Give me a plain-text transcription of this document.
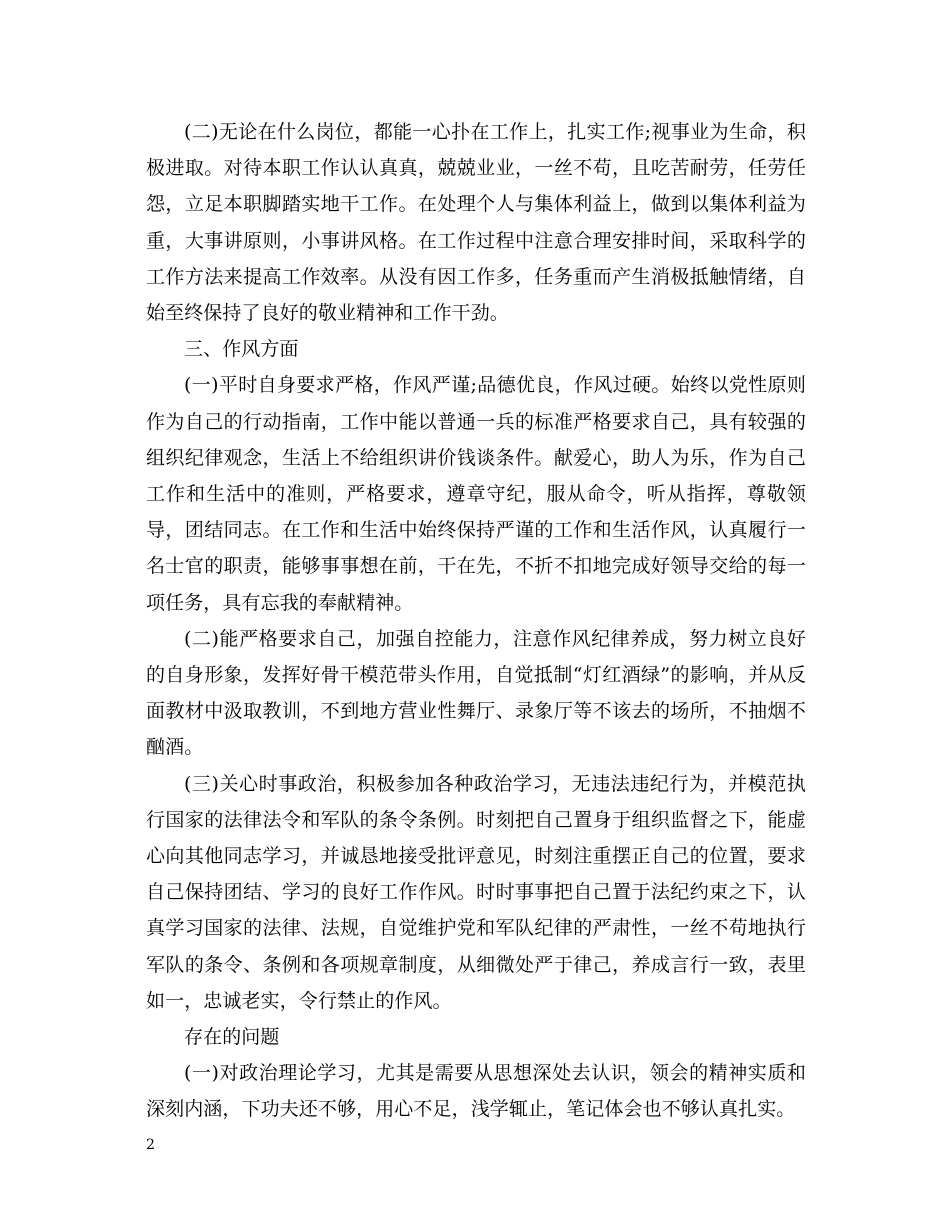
(二)无论在什么岗位，都能一心扑在工作上，扎实工作;视事业为生命，积极进取。对待本职工作认认真真，兢兢业业，一丝不苟，且吃苦耐劳，任劳任怨，立足本职脚踏实地干工作。在处理个人与集体利益上，做到以集体利益为重，大事讲原则，小事讲风格。在工作过程中注意合理安排时间，采取科学的工作方法来提高工作效率。从没有因工作多，任务重而产生消极抵触情绪，自始至终保持了良好的敬业精神和工作干劲。

三、作风方面

(一)平时自身要求严格，作风严谨;品德优良，作风过硬。始终以党性原则作为自己的行动指南，工作中能以普通一兵的标准严格要求自己，具有较强的组织纪律观念，生活上不给组织讲价钱谈条件。献爱心，助人为乐，作为自己工作和生活中的准则，严格要求，遵章守纪，服从命令，听从指挥，尊敬领导，团结同志。在工作和生活中始终保持严谨的工作和生活作风，认真履行一名士官的职责，能够事事想在前，干在先，不折不扣地完成好领导交给的每一项任务，具有忘我的奉献精神。

(二)能严格要求自己，加强自控能力，注意作风纪律养成，努力树立良好的自身形象，发挥好骨干模范带头作用，自觉抵制“灯红酒绿”的影响，并从反面教材中汲取教训，不到地方营业性舞厅、录象厅等不该去的场所，不抽烟不酗酒。

(三)关心时事政治，积极参加各种政治学习，无违法违纪行为，并模范执行国家的法律法令和军队的条令条例。时刻把自己置身于组织监督之下，能虚心向其他同志学习，并诚恳地接受批评意见，时刻注重摆正自己的位置，要求自己保持团结、学习的良好工作作风。时时事事把自己置于法纪约束之下，认真学习国家的法律、法规，自觉维护党和军队纪律的严肃性，一丝不苟地执行军队的条令、条例和各项规章制度，从细微处严于律己，养成言行一致，表里如一，忠诚老实，令行禁止的作风。

存在的问题

(一)对政治理论学习，尤其是需要从思想深处去认识，领会的精神实质和深刻内涵，下功夫还不够，用心不足，浅学辄止，笔记体会也不够认真扎实。

2
